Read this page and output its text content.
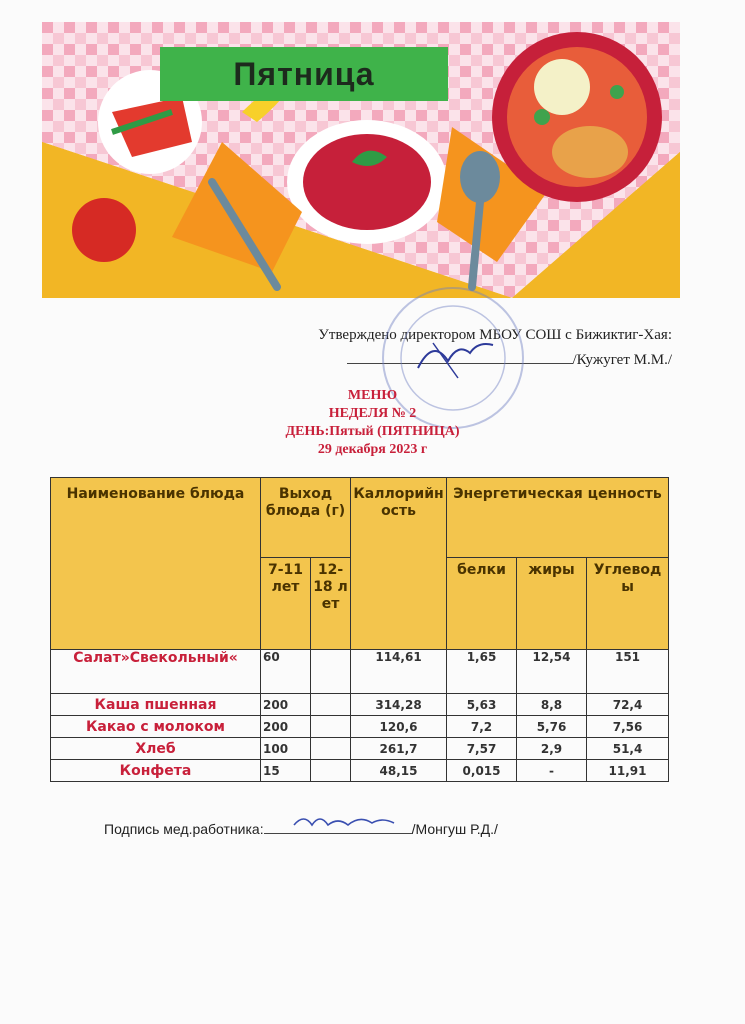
Пятница
Утверждено директором МБОУ СОШ с Бижиктиг-Хая:
/Кужугет М.М./
МЕНЮ
НЕДЕЛЯ № 2
ДЕНЬ:Пятый (ПЯТНИЦА)
29 декабря 2023 г
Наименование блюда	Выход блюда (г)		Каллорийность	Энергетическая ценность		
	7-11 лет	12-18 лет		белки	жиры	Углеводы
Салат»Свекольный«	60		114,61	1,65	12,54	151
Каша пшенная	200		314,28	5,63	8,8	72,4
Какао с молоком	200		120,6	7,2	5,76	7,56
Хлеб	100		261,7	7,57	2,9	51,4
Конфета	15		48,15	0,015	-	11,91
Подпись мед.работника:	/Монгуш Р.Д./
